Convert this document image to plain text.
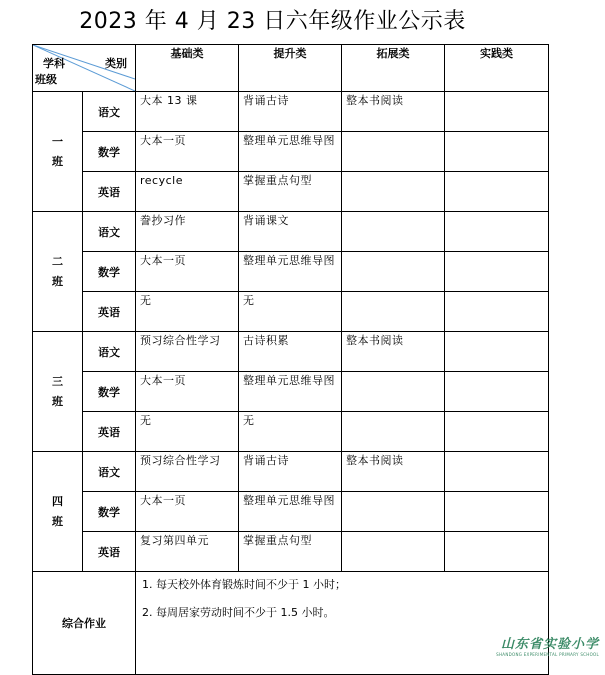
2023 年 4 月 23 日六年级作业公示表
类别
学科
班级		基础类	提升类	拓展类	实践类
一
班	语文	大本 13 课	背诵古诗	整本书阅读	
	数学	大本一页	整理单元思维导图		
	英语	recycle	掌握重点句型		
二
班	语文	誊抄习作	背诵课文		
	数学	大本一页	整理单元思维导图		
	英语	无	无		
三
班	语文	预习综合性学习	古诗积累	整本书阅读	
	数学	大本一页	整理单元思维导图		
	英语	无	无		
四
班	语文	预习综合性学习	背诵古诗	整本书阅读	
	数学	大本一页	整理单元思维导图		
	英语	复习第四单元	掌握重点句型		
综合作业		1. 每天校外体育锻炼时间不少于 1 小时；

2. 每周居家劳动时间不少于 1.5 小时。			

山东省实验小学
SHANDONG EXPERIMENTAL PRIMARY SCHOOL
